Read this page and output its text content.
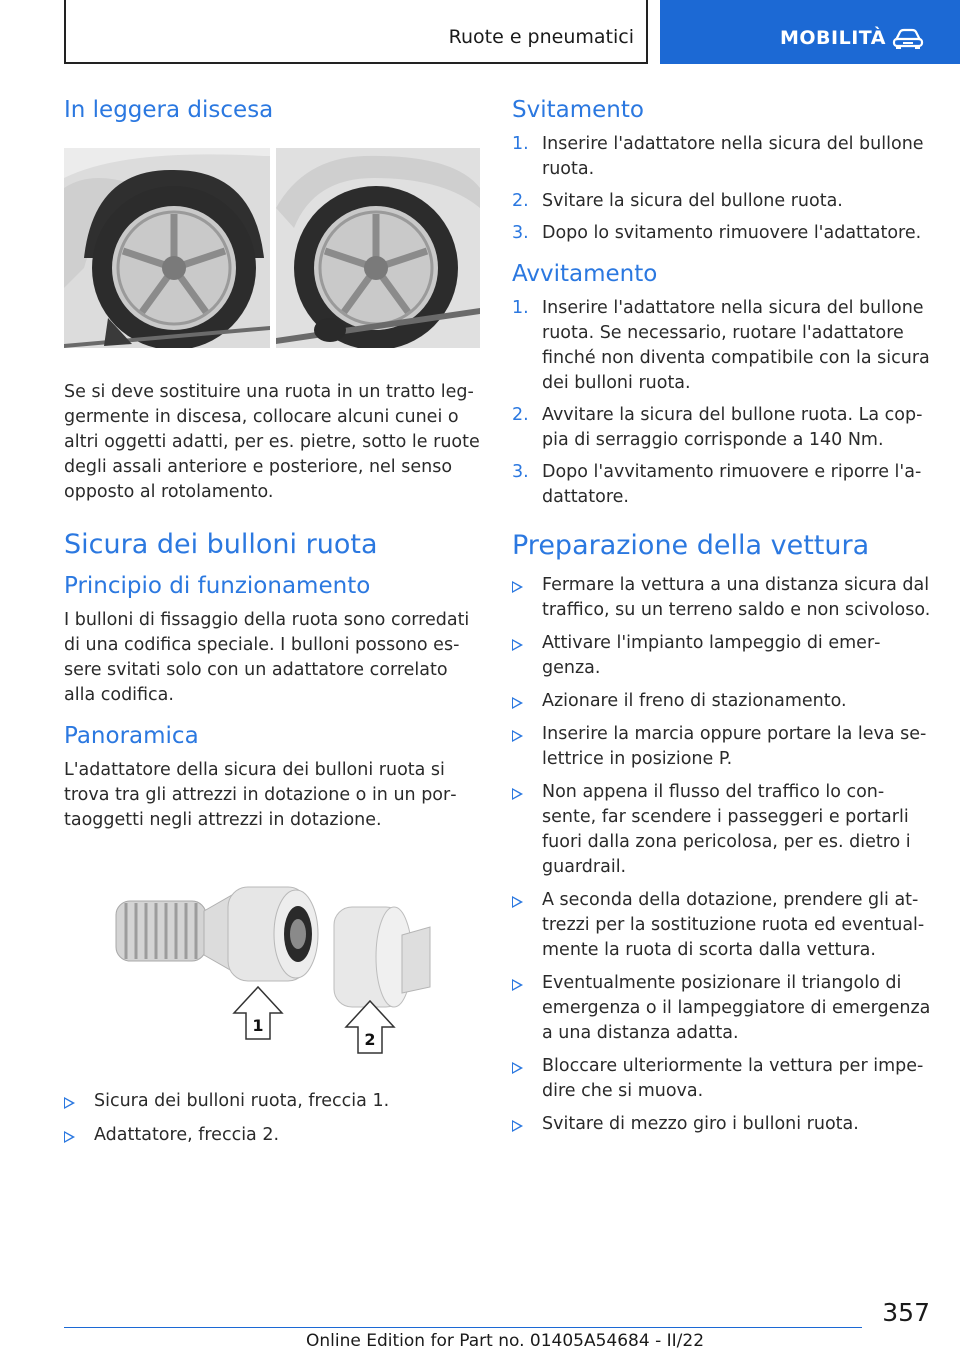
Ruote e pneumatici	MOBILITÀ
In leggera discesa

Se si deve sostituire una ruota in un tratto leggermente in discesa, collocare alcuni cunei o altri oggetti adatti, per es. pietre, sotto le ruote degli assali anteriore e posteriore, nel senso opposto al rotolamento.

Sicura dei bulloni ruota
Principio di funzionamento

I bulloni di fissaggio della ruota sono corredati di una codifica speciale. I bulloni possono essere svitati solo con un adattatore correlato alla codifica.

Panoramica

L'adattatore della sicura dei bulloni ruota si trova tra gli attrezzi in dotazione o in un portaoggetti negli attrezzi in dotazione.

1
2
Sicura dei bulloni ruota, freccia 1.
Adattatore, freccia 2.
Svitamento
1. Inserire l'adattatore nella sicura del bullone ruota.
2. Svitare la sicura del bullone ruota.
3. Dopo lo svitamento rimuovere l'adattatore.
Avvitamento
1. Inserire l'adattatore nella sicura del bullone ruota. Se necessario, ruotare l'adattatore finché non diventa compatibile con la sicura dei bulloni ruota.
2. Avvitare la sicura del bullone ruota. La coppia di serraggio corrisponde a 140 Nm.
3. Dopo l'avvitamento rimuovere e riporre l'adattatore.
Preparazione della vettura
Fermare la vettura a una distanza sicura dal traffico, su un terreno saldo e non scivoloso.
Attivare l'impianto lampeggio di emergenza.
Azionare il freno di stazionamento.
Inserire la marcia oppure portare la leva selettrice in posizione P.
Non appena il flusso del traffico lo consente, far scendere i passeggeri e portarli fuori dalla zona pericolosa, per es. dietro i guardrail.
A seconda della dotazione, prendere gli attrezzi per la sostituzione ruota ed eventualmente la ruota di scorta dalla vettura.
Eventualmente posizionare il triangolo di emergenza o il lampeggiatore di emergenza a una distanza adatta.
Bloccare ulteriormente la vettura per impedire che si muova.
Svitare di mezzo giro i bulloni ruota.
357
Online Edition for Part no. 01405A54684 - II/22
